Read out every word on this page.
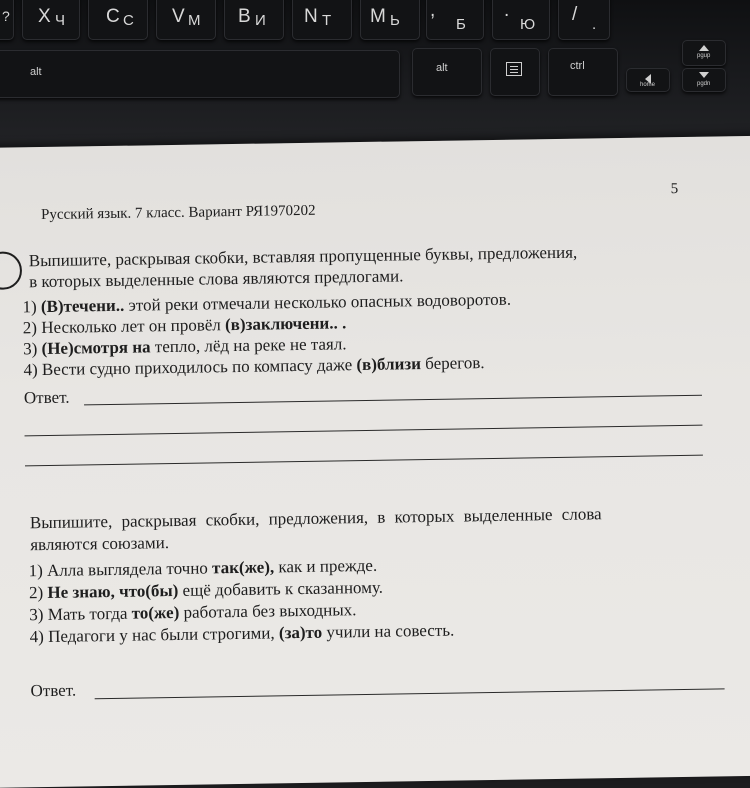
? X Ч C С V М B И N Т M Ь ,
Б
.
Ю / .
alt	alt	ctrl
pgup
home	pgdn
5
Русский язык. 7 класс. Вариант РЯ1970202
Выпишите, раскрывая скобки, вставляя пропущенные буквы, предложения,
в которых выделенные слова являются предлогами.
1) (В)течени.. этой реки отмечали несколько опасных водоворотов.
2) Несколько лет он провёл (в)заключени.. .
3) (Не)смотря на тепло, лёд на реке не таял.
4) Вести судно приходилось по компасу даже (в)близи берегов.
Ответ.
Выпишите, раскрывая скобки, предложения, в которых выделенные слова
являются союзами.
1) Алла выглядела точно так(же), как и прежде.
2) Не знаю, что(бы) ещё добавить к сказанному.
3) Мать тогда то(же) работала без выходных.
4) Педагоги у нас были строгими, (за)то учили на совесть.
Ответ.
